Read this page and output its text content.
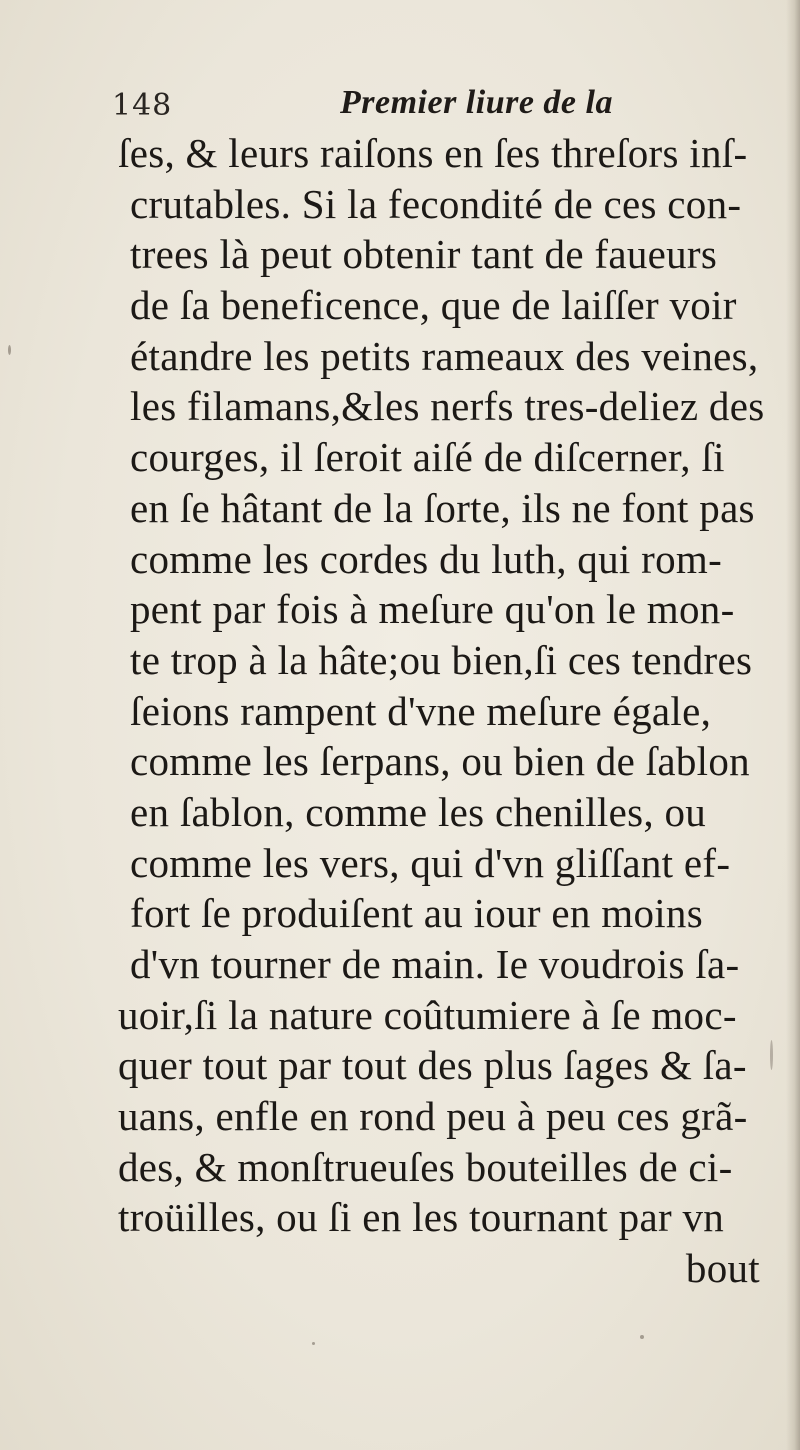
148	Premier liure de la
ſes, & leurs raiſons en ſes threſors inſ-
crutables. Si la fecondité de ces con-
trees là peut obtenir tant de faueurs
de ſa beneficence, que de laiſſer voir
étandre les petits rameaux des veines,
les filamans,&les nerfs tres-deliez des
courges, il ſeroit aiſé de diſcerner, ſi
en ſe hâtant de la ſorte, ils ne font pas
comme les cordes du luth, qui rom-
pent par fois à meſure qu'on le mon-
te trop à la hâte;ou bien,ſi ces tendres
ſeions rampent d'vne meſure égale,
comme les ſerpans, ou bien de ſablon
en ſablon, comme les chenilles, ou
comme les vers, qui d'vn gliſſant ef-
fort ſe produiſent au iour en moins
d'vn tourner de main. Ie voudrois ſa-
uoir,ſi la nature coûtumiere à ſe moc-
quer tout par tout des plus ſages & ſa-
uans, enfle en rond peu à peu ces grã-
des, & monſtrueuſes bouteilles de ci-
troüilles, ou ſi en les tournant par vn
bout
